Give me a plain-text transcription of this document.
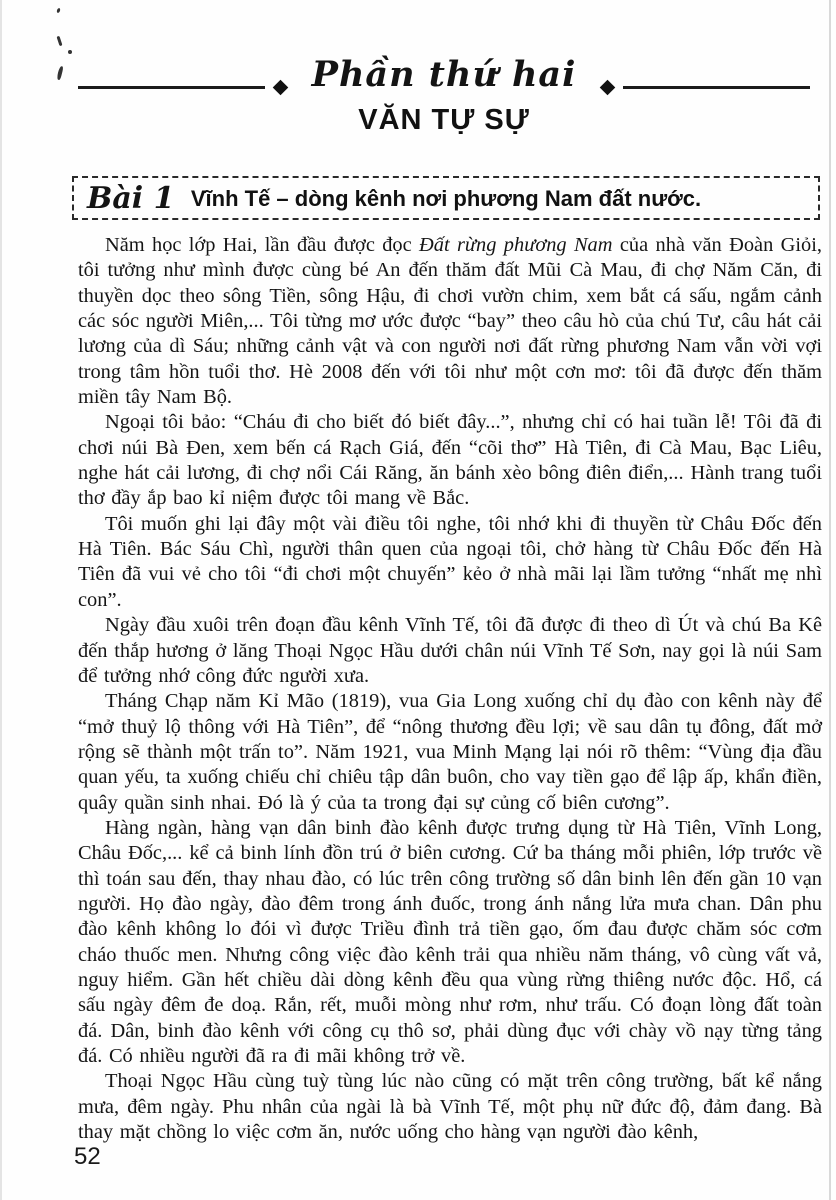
Phần thứ hai
VĂN TỰ SỰ
Bài 1 Vĩnh Tế – dòng kênh nơi phương Nam đất nước.

Năm học lớp Hai, lần đầu được đọc Đất rừng phương Nam của nhà văn Đoàn Giỏi, tôi tưởng như mình được cùng bé An đến thăm đất Mũi Cà Mau, đi chợ Năm Căn, đi thuyền dọc theo sông Tiền, sông Hậu, đi chơi vườn chim, xem bắt cá sấu, ngắm cảnh các sóc người Miên,... Tôi từng mơ ước được “bay” theo câu hò của chú Tư, câu hát cải lương của dì Sáu; những cảnh vật và con người nơi đất rừng phương Nam vẫn vời vợi trong tâm hồn tuổi thơ. Hè 2008 đến với tôi như một cơn mơ: tôi đã được đến thăm miền tây Nam Bộ.

Ngoại tôi bảo: “Cháu đi cho biết đó biết đây...”, nhưng chỉ có hai tuần lễ! Tôi đã đi chơi núi Bà Đen, xem bến cá Rạch Giá, đến “cõi thơ” Hà Tiên, đi Cà Mau, Bạc Liêu, nghe hát cải lương, đi chợ nổi Cái Răng, ăn bánh xèo bông điên điển,... Hành trang tuổi thơ đầy ắp bao kỉ niệm được tôi mang về Bắc.

Tôi muốn ghi lại đây một vài điều tôi nghe, tôi nhớ khi đi thuyền từ Châu Đốc đến Hà Tiên. Bác Sáu Chì, người thân quen của ngoại tôi, chở hàng từ Châu Đốc đến Hà Tiên đã vui vẻ cho tôi “đi chơi một chuyến” kẻo ở nhà mãi lại lầm tưởng “nhất mẹ nhì con”.

Ngày đầu xuôi trên đoạn đầu kênh Vĩnh Tế, tôi đã được đi theo dì Út và chú Ba Kê đến thắp hương ở lăng Thoại Ngọc Hầu dưới chân núi Vĩnh Tế Sơn, nay gọi là núi Sam để tưởng nhớ công đức người xưa.

Tháng Chạp năm Kỉ Mão (1819), vua Gia Long xuống chỉ dụ đào con kênh này để “mở thuỷ lộ thông với Hà Tiên”, để “nông thương đều lợi; về sau dân tụ đông, đất mở rộng sẽ thành một trấn to”. Năm 1921, vua Minh Mạng lại nói rõ thêm: “Vùng địa đầu quan yếu, ta xuống chiếu chỉ chiêu tập dân buôn, cho vay tiền gạo để lập ấp, khẩn điền, quây quần sinh nhai. Đó là ý của ta trong đại sự củng cố biên cương”.

Hàng ngàn, hàng vạn dân binh đào kênh được trưng dụng từ Hà Tiên, Vĩnh Long, Châu Đốc,... kể cả binh lính đồn trú ở biên cương. Cứ ba tháng mỗi phiên, lớp trước về thì toán sau đến, thay nhau đào, có lúc trên công trường số dân binh lên đến gần 10 vạn người. Họ đào ngày, đào đêm trong ánh đuốc, trong ánh nắng lửa mưa chan. Dân phu đào kênh không lo đói vì được Triều đình trả tiền gạo, ốm đau được chăm sóc cơm cháo thuốc men. Nhưng công việc đào kênh trải qua nhiều năm tháng, vô cùng vất vả, nguy hiểm. Gần hết chiều dài dòng kênh đều qua vùng rừng thiêng nước độc. Hổ, cá sấu ngày đêm đe doạ. Rắn, rết, muỗi mòng như rơm, như trấu. Có đoạn lòng đất toàn đá. Dân, binh đào kênh với công cụ thô sơ, phải dùng đục với chày vồ nạy từng tảng đá. Có nhiều người đã ra đi mãi không trở về.

Thoại Ngọc Hầu cùng tuỳ tùng lúc nào cũng có mặt trên công trường, bất kể nắng mưa, đêm ngày. Phu nhân của ngài là bà Vĩnh Tế, một phụ nữ đức độ, đảm đang. Bà thay mặt chồng lo việc cơm ăn, nước uống cho hàng vạn người đào kênh,

52
